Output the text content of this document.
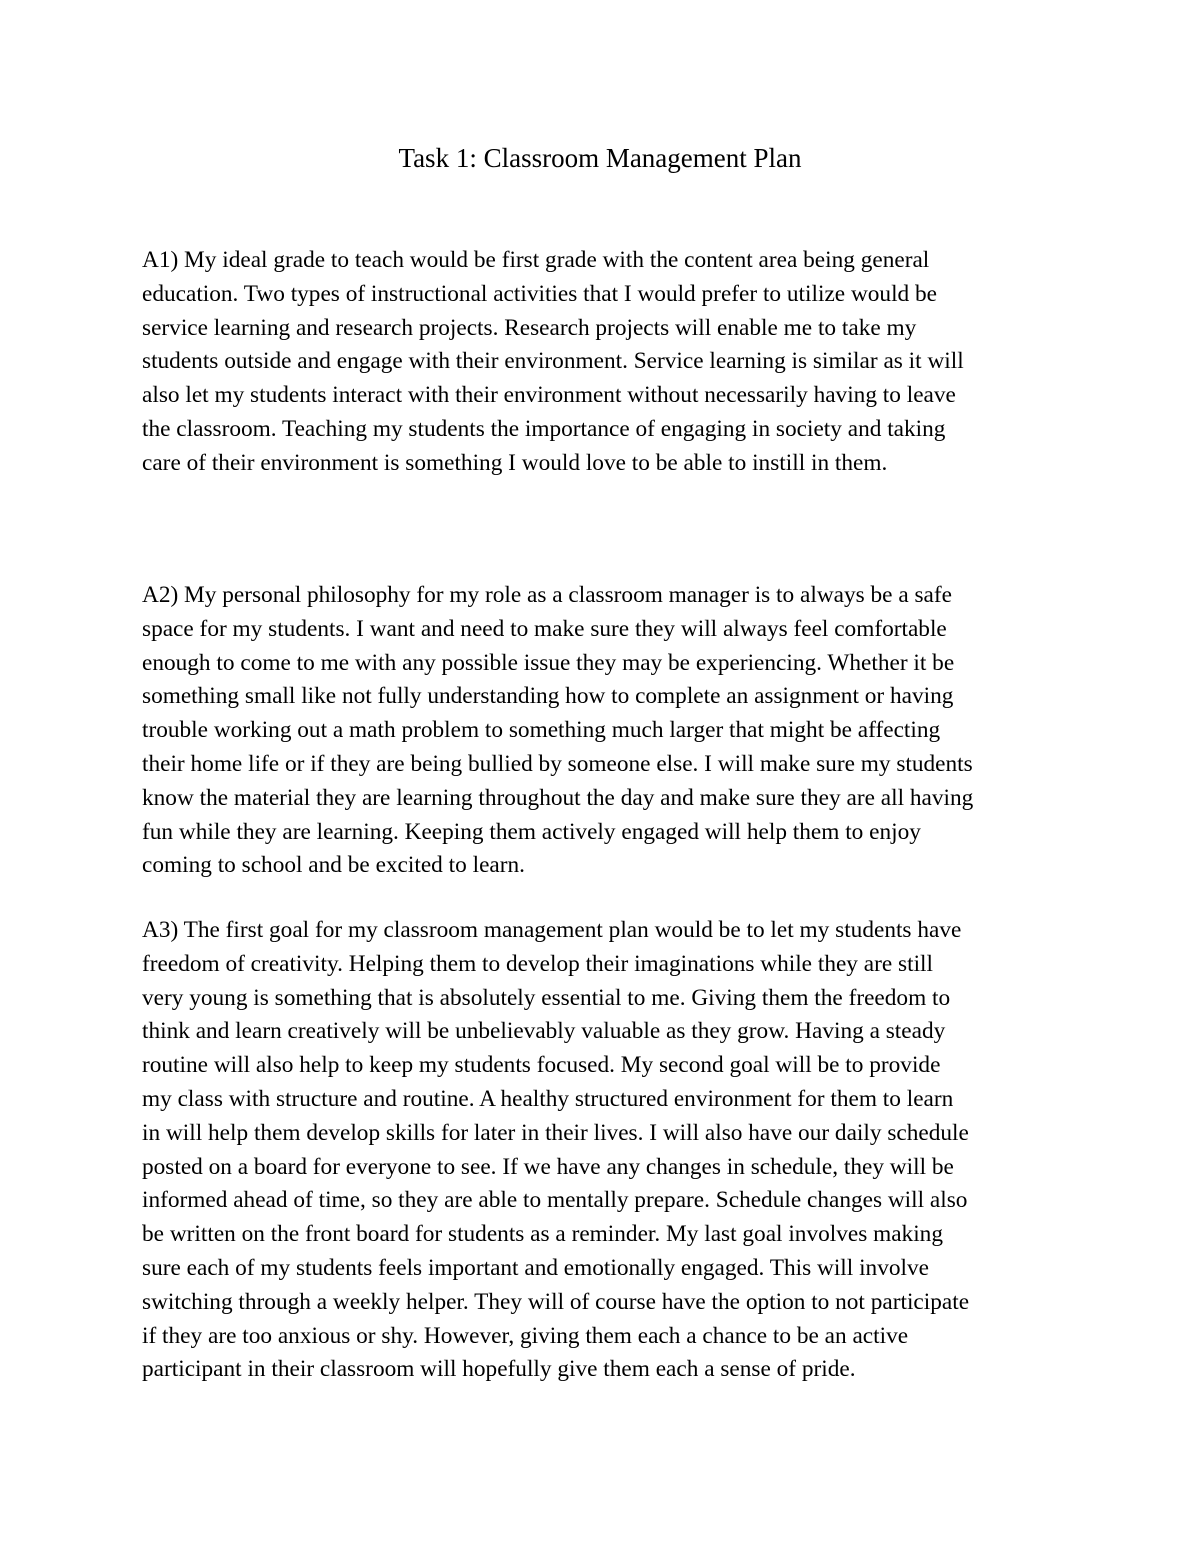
Task 1: Classroom Management Plan

A1) My ideal grade to teach would be first grade with the content area being general
education. Two types of instructional activities that I would prefer to utilize would be
service learning and research projects. Research projects will enable me to take my
students outside and engage with their environment. Service learning is similar as it will
also let my students interact with their environment without necessarily having to leave
the classroom. Teaching my students the importance of engaging in society and taking
care of their environment is something I would love to be able to instill in them.

A2) My personal philosophy for my role as a classroom manager is to always be a safe
space for my students. I want and need to make sure they will always feel comfortable
enough to come to me with any possible issue they may be experiencing. Whether it be
something small like not fully understanding how to complete an assignment or having
trouble working out a math problem to something much larger that might be affecting
their home life or if they are being bullied by someone else. I will make sure my students
know the material they are learning throughout the day and make sure they are all having
fun while they are learning. Keeping them actively engaged will help them to enjoy
coming to school and be excited to learn.

A3) The first goal for my classroom management plan would be to let my students have
freedom of creativity. Helping them to develop their imaginations while they are still
very young is something that is absolutely essential to me. Giving them the freedom to
think and learn creatively will be unbelievably valuable as they grow. Having a steady
routine will also help to keep my students focused. My second goal will be to provide
my class with structure and routine. A healthy structured environment for them to learn
in will help them develop skills for later in their lives. I will also have our daily schedule
posted on a board for everyone to see. If we have any changes in schedule, they will be
informed ahead of time, so they are able to mentally prepare. Schedule changes will also
be written on the front board for students as a reminder. My last goal involves making
sure each of my students feels important and emotionally engaged. This will involve
switching through a weekly helper. They will of course have the option to not participate
if they are too anxious or shy. However, giving them each a chance to be an active
participant in their classroom will hopefully give them each a sense of pride.
